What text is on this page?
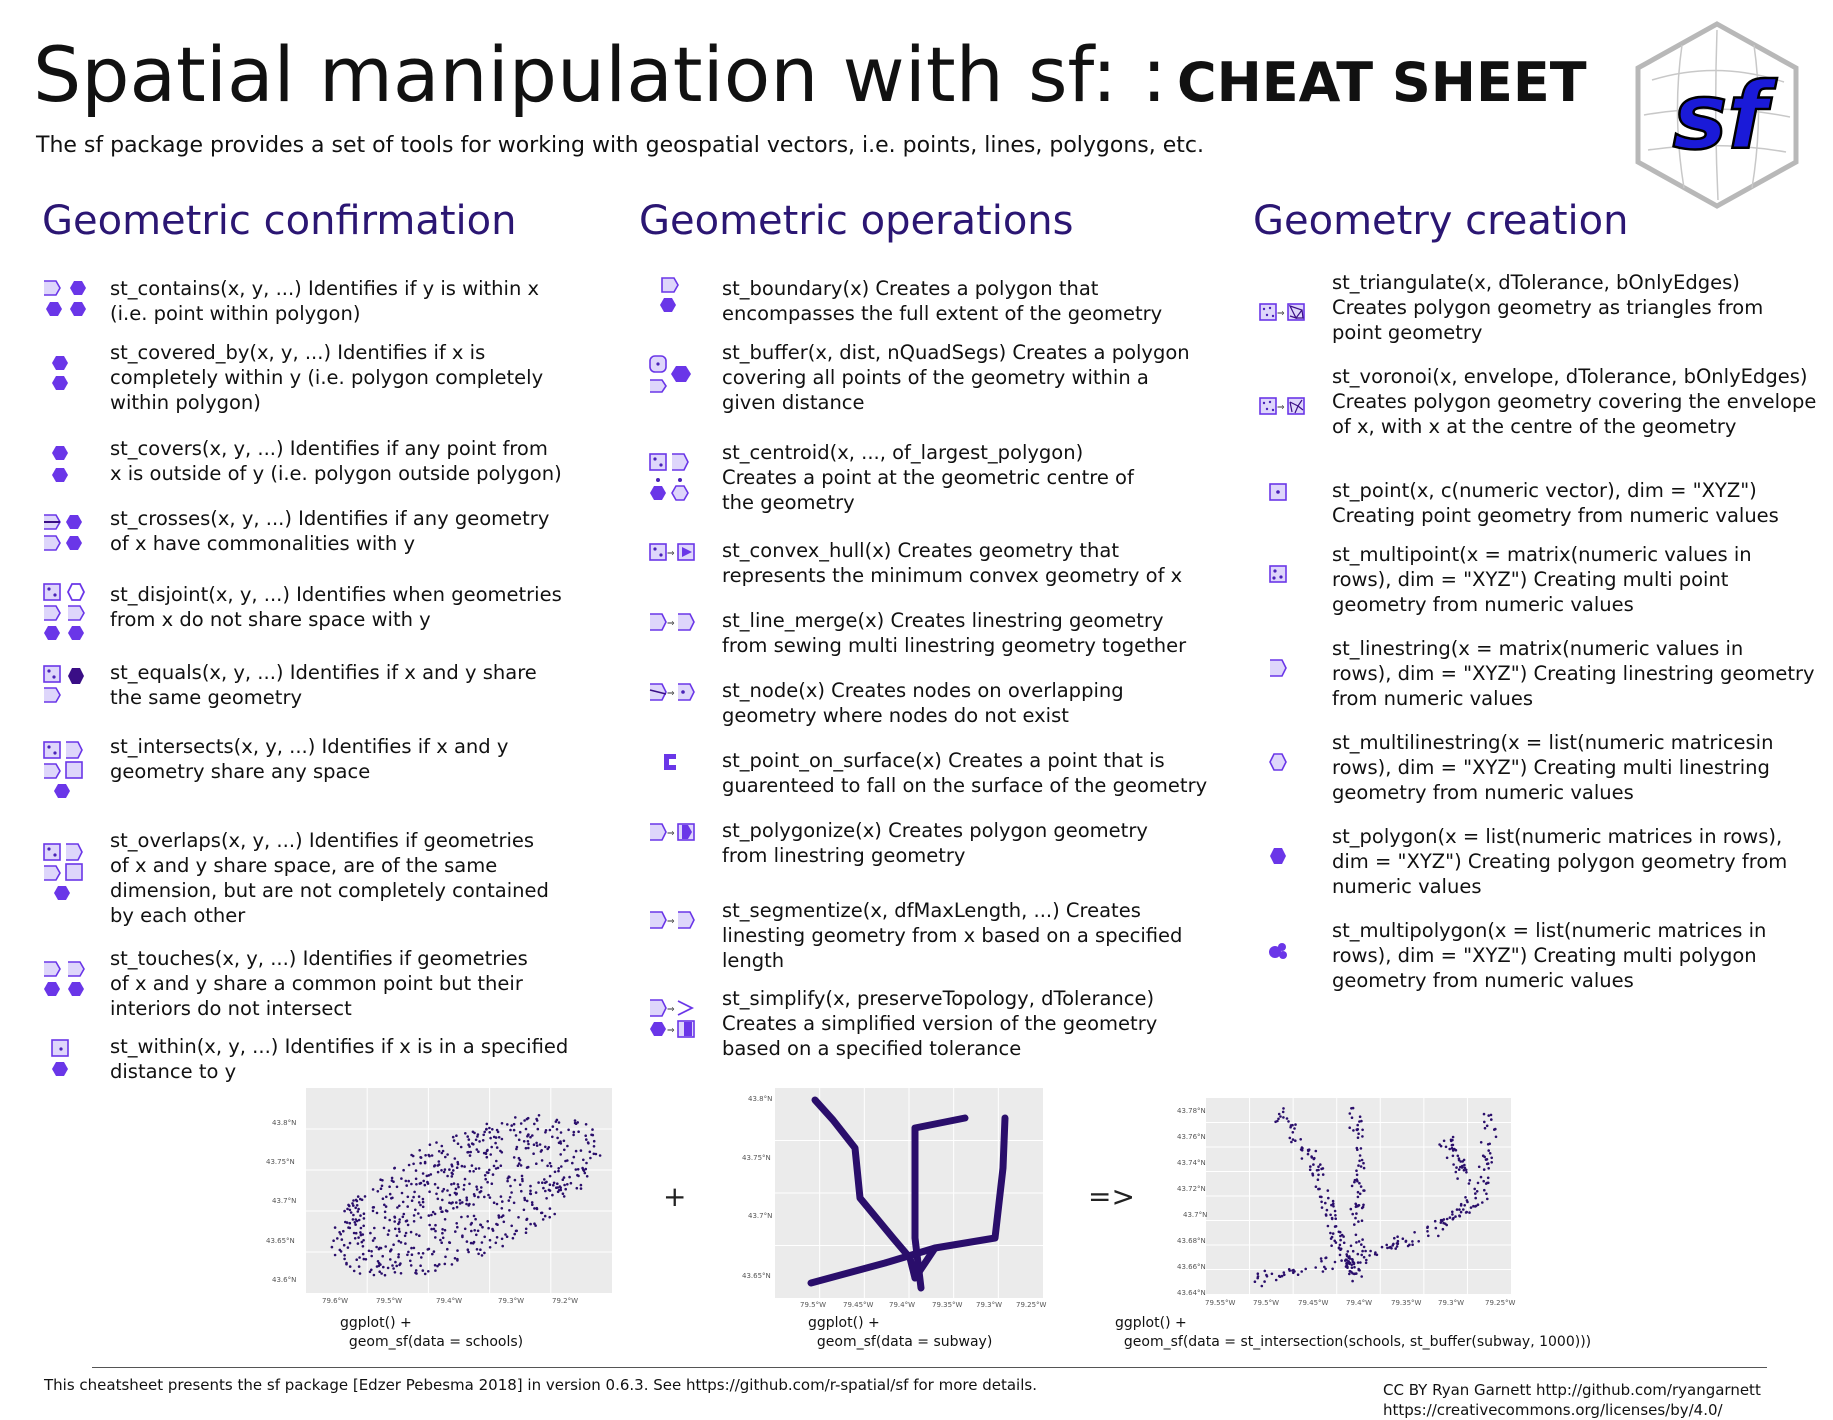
Spatial manipulation with sf: : CHEAT SHEET
The sf package provides a set of tools for working with geospatial vectors, i.e. points, lines, polygons, etc.	sf
Geometric confirmation	Geometric operations	Geometry creation
st_contains(x, y, ...) Identifies if y is within x
(i.e. point within polygon)
st_covered_by(x, y, ...) Identifies if x is
completely within y (i.e. polygon completely
within polygon)
st_covers(x, y, ...) Identifies if any point from
x is outside of y (i.e. polygon outside polygon)
st_crosses(x, y, ...) Identifies if any geometry
of x have commonalities with y
st_disjoint(x, y, ...) Identifies when geometries
from x do not share space with y
st_equals(x, y, ...) Identifies if x and y share
the same geometry
st_intersects(x, y, ...) Identifies if x and y
geometry share any space
st_overlaps(x, y, ...) Identifies if geometries
of x and y share space, are of the same
dimension, but are not completely contained
by each other
st_touches(x, y, ...) Identifies if geometries
of x and y share a common point but their
interiors do not intersect
st_within(x, y, ...) Identifies if x is in a specified
distance to y
st_boundary(x) Creates a polygon that
encompasses the full extent of the geometry
st_buffer(x, dist, nQuadSegs) Creates a polygon
covering all points of the geometry within a
given distance
st_centroid(x, ..., of_largest_polygon)
Creates a point at the geometric centre of
the geometry
⇒ st_convex_hull(x) Creates geometry that
represents the minimum convex geometry of x
⇒ st_line_merge(x) Creates linestring geometry
from sewing multi linestring geometry together
⇒ st_node(x) Creates nodes on overlapping
geometry where nodes do not exist
st_point_on_surface(x) Creates a point that is
guarenteed to fall on the surface of the geometry
⇒ st_polygonize(x) Creates polygon geometry
from linestring geometry
⇒ st_segmentize(x, dfMaxLength, ...) Creates
linesting geometry from x based on a specified
length
⇒
⇒
st_simplify(x, preserveTopology, dTolerance)
Creates a simplified version of the geometry
based on a specified tolerance
⇒
st_triangulate(x, dTolerance, bOnlyEdges)
Creates polygon geometry as triangles from
point geometry
⇒
st_voronoi(x, envelope, dTolerance, bOnlyEdges)
Creates polygon geometry covering the envelope
of x, with x at the centre of the geometry
st_point(x, c(numeric vector), dim = "XYZ")
Creating point geometry from numeric values
st_multipoint(x = matrix(numeric values in
rows), dim = "XYZ") Creating multi point
geometry from numeric values
st_linestring(x = matrix(numeric values in
rows), dim = "XYZ") Creating linestring geometry
from numeric values
st_multilinestring(x = list(numeric matricesin
rows), dim = "XYZ") Creating multi linestring
geometry from numeric values
st_polygon(x = list(numeric matrices in rows),
dim = "XYZ") Creating polygon geometry from
numeric values
st_multipolygon(x = list(numeric matrices in
rows), dim = "XYZ") Creating multi polygon
geometry from numeric values
43.8°N
43.75°N
43.7°N
43.65°N
43.6°N
79.6°W	79.5°W	79.4°W	79.3°W	79.2°W
ggplot() +
geom_sf(data = schools)
+
43.8°N
43.75°N
43.7°N
43.65°N
79.5°W 79.45°W 79.4°W 79.35°W 79.3°W 79.25°W
ggplot() +
geom_sf(data = subway)
=>
43.78°N
43.76°N
43.74°N
43.72°N
43.7°N
43.68°N
43.66°N
43.64°N
79.55°W	79.5°W	79.45°W	79.4°W	79.35°W 79.3°W	79.25°W
ggplot() +
geom_sf(data = st_intersection(schools, st_buffer(subway, 1000)))
This cheatsheet presents the sf package [Edzer Pebesma 2018] in version 0.6.3. See https://github.com/r-spatial/sf for more details.	CC BY Ryan Garnett http://github.com/ryangarnett
https://creativecommons.org/licenses/by/4.0/
